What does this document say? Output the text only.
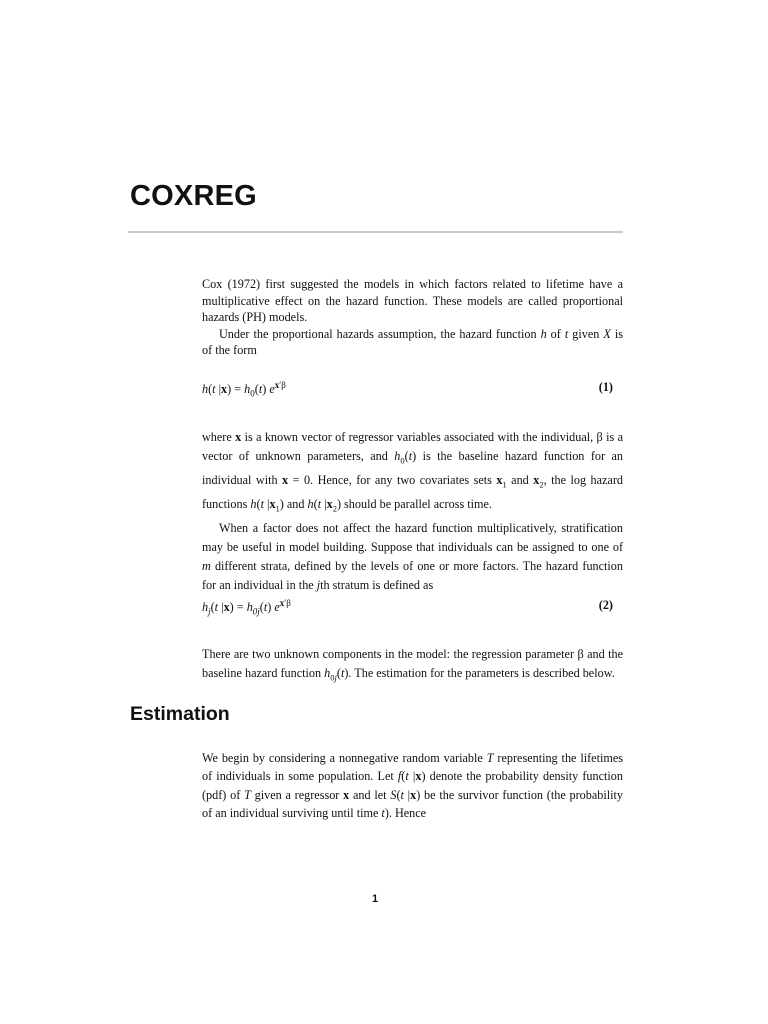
COXREG

Cox (1972) first suggested the models in which factors related to lifetime have a multiplicative effect on the hazard function. These models are called proportional hazards (PH) models.

Under the proportional hazards assumption, the hazard function h of t given X is of the form

h(t $|x) = h_0(t)$ $e^{x'\beta}$	(1)

where x is a known vector of regressor variables associated with the individual, β is a vector of unknown parameters, and $h_0(t)$ is the baseline hazard function for an individual with x = 0. Hence, for any two covariates sets $x_1$ and $x_2$, the log hazard functions h(t $|x_1$) and h(t $|x_2$) should be parallel across time.

When a factor does not affect the hazard function multiplicatively, stratification may be useful in model building. Suppose that individuals can be assigned to one of m different strata, defined by the levels of one or more factors. The hazard function for an individual in the jth stratum is defined as

$h_j(t$ $|x) = h_{0j}(t)$ $e^{x'\beta}$	(2)

There are two unknown components in the model: the regression parameter β and the baseline hazard function $h_{0j}(t)$. The estimation for the parameters is described below.

Estimation

We begin by considering a nonnegative random variable T representing the lifetimes of individuals in some population. Let f(t |x) denote the probability density function (pdf) of T given a regressor x and let S(t |x) be the survivor function (the probability of an individual surviving until time t). Hence

1
